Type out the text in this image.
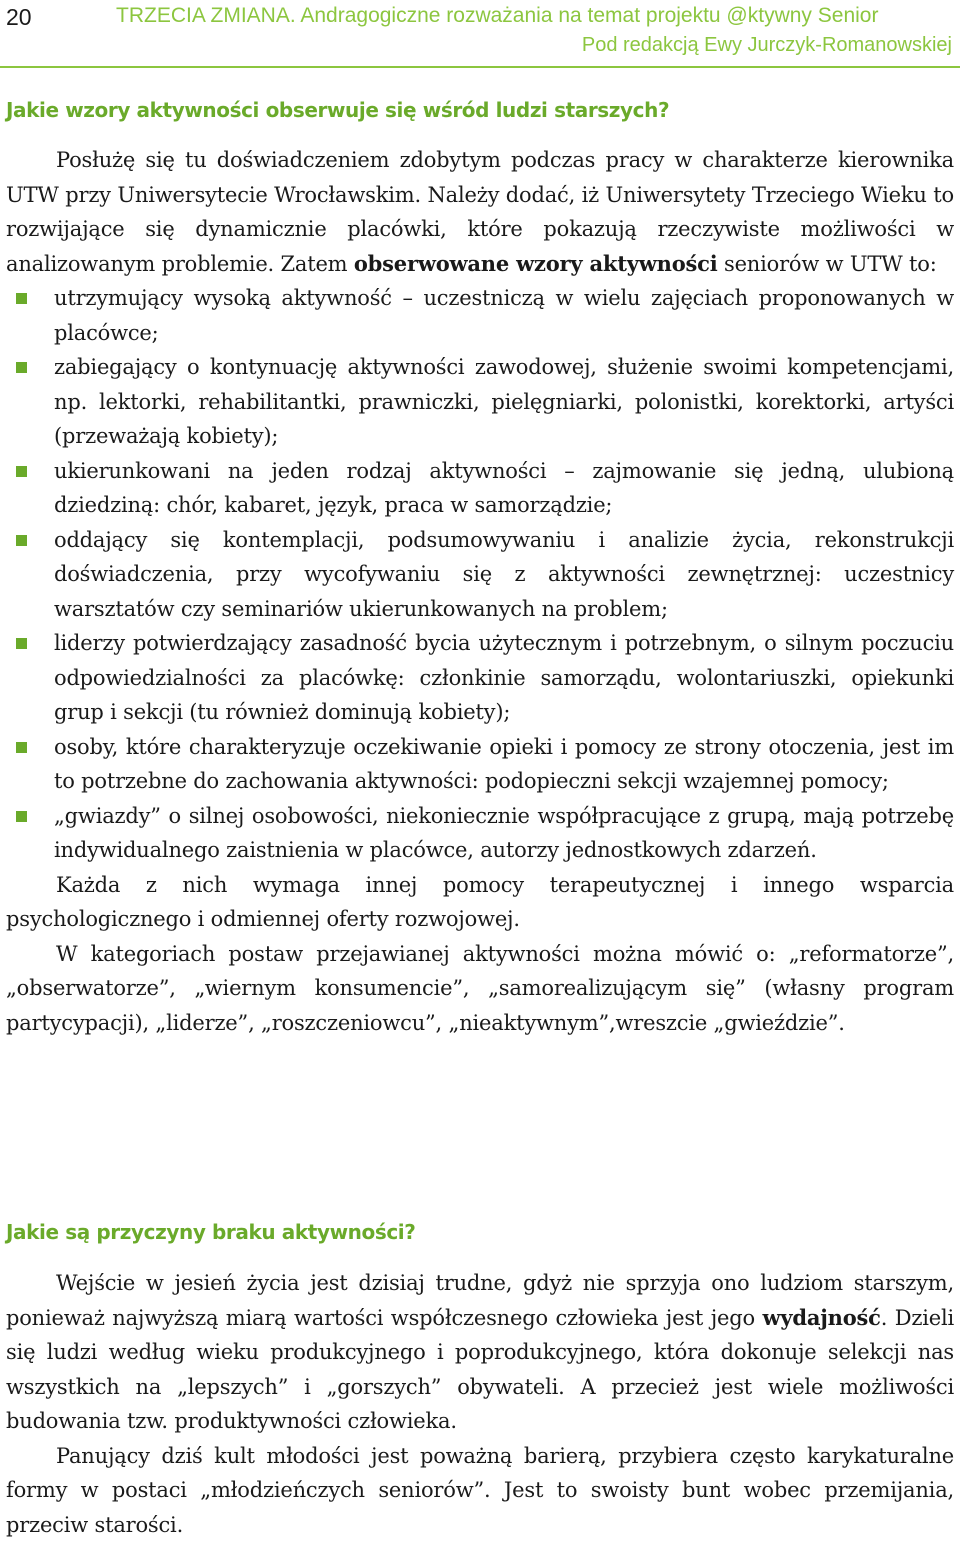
20	TRZECIA ZMIANA. Andragogiczne rozważania na temat projektu @ktywny Senior
Pod redakcją Ewy Jurczyk-Romanowskiej
Jakie wzory aktywności obserwuje się wśród ludzi starszych?

Posłużę się tu doświadczeniem zdobytym podczas pracy w charakterze kierownika UTW przy Uniwersytecie Wrocławskim. Należy dodać, iż Uniwersytety Trzeciego Wieku to rozwijające się dynamicznie placówki, które pokazują rzeczywiste możliwości w analizowanym problemie. Zatem obserwowane wzory aktywności seniorów w UTW to:

utrzymujący wysoką aktywność – uczestniczą w wielu zajęciach proponowanych w placówce;
zabiegający o kontynuację aktywności zawodowej, służenie swoimi kompetencjami, np. lektorki, rehabilitantki, prawniczki, pielęgniarki, polonistki, korektorki, artyści (przeważają kobiety);
ukierunkowani na jeden rodzaj aktywności – zajmowanie się jedną, ulubioną dziedziną: chór, kabaret, język, praca w samorządzie;
oddający się kontemplacji, podsumowywaniu i analizie życia, rekonstrukcji doświadczenia, przy wycofywaniu się z aktywności zewnętrznej: uczestnicy warsztatów czy seminariów ukierunkowanych na problem;
liderzy potwierdzający zasadność bycia użytecznym i potrzebnym, o silnym poczuciu odpowiedzialności za placówkę: członkinie samorządu, wolontariuszki, opiekunki grup i sekcji (tu również dominują kobiety);
osoby, które charakteryzuje oczekiwanie opieki i pomocy ze strony otoczenia, jest im to potrzebne do zachowania aktywności: podopieczni sekcji wzajemnej pomocy;
„gwiazdy” o silnej osobowości, niekoniecznie współpracujące z grupą, mają potrzebę indywidualnego zaistnienia w placówce, autorzy jednostkowych zdarzeń.

Każda z nich wymaga innej pomocy terapeutycznej i innego wsparcia psychologicznego i odmiennej oferty rozwojowej.

W kategoriach postaw przejawianej aktywności można mówić o: „reformatorze”, „obserwatorze”, „wiernym konsumencie”, „samorealizującym się” (własny program partycypacji), „liderze”, „roszczeniowcu”, „nieaktywnym”,wreszcie „gwieździe”.

Jakie są przyczyny braku aktywności?

Wejście w jesień życia jest dzisiaj trudne, gdyż nie sprzyja ono ludziom starszym, ponieważ najwyższą miarą wartości współczesnego człowieka jest jego wydajność. Dzieli się ludzi według wieku produkcyjnego i poprodukcyjnego, która dokonuje selekcji nas wszystkich na „lepszych” i „gorszych” obywateli. A przecież jest wiele możliwości budowania tzw. produktywności człowieka.

Panujący dziś kult młodości jest poważną barierą, przybiera często karykaturalne formy w postaci „młodzieńczych seniorów”. Jest to swoisty bunt wobec przemijania, przeciw starości.
